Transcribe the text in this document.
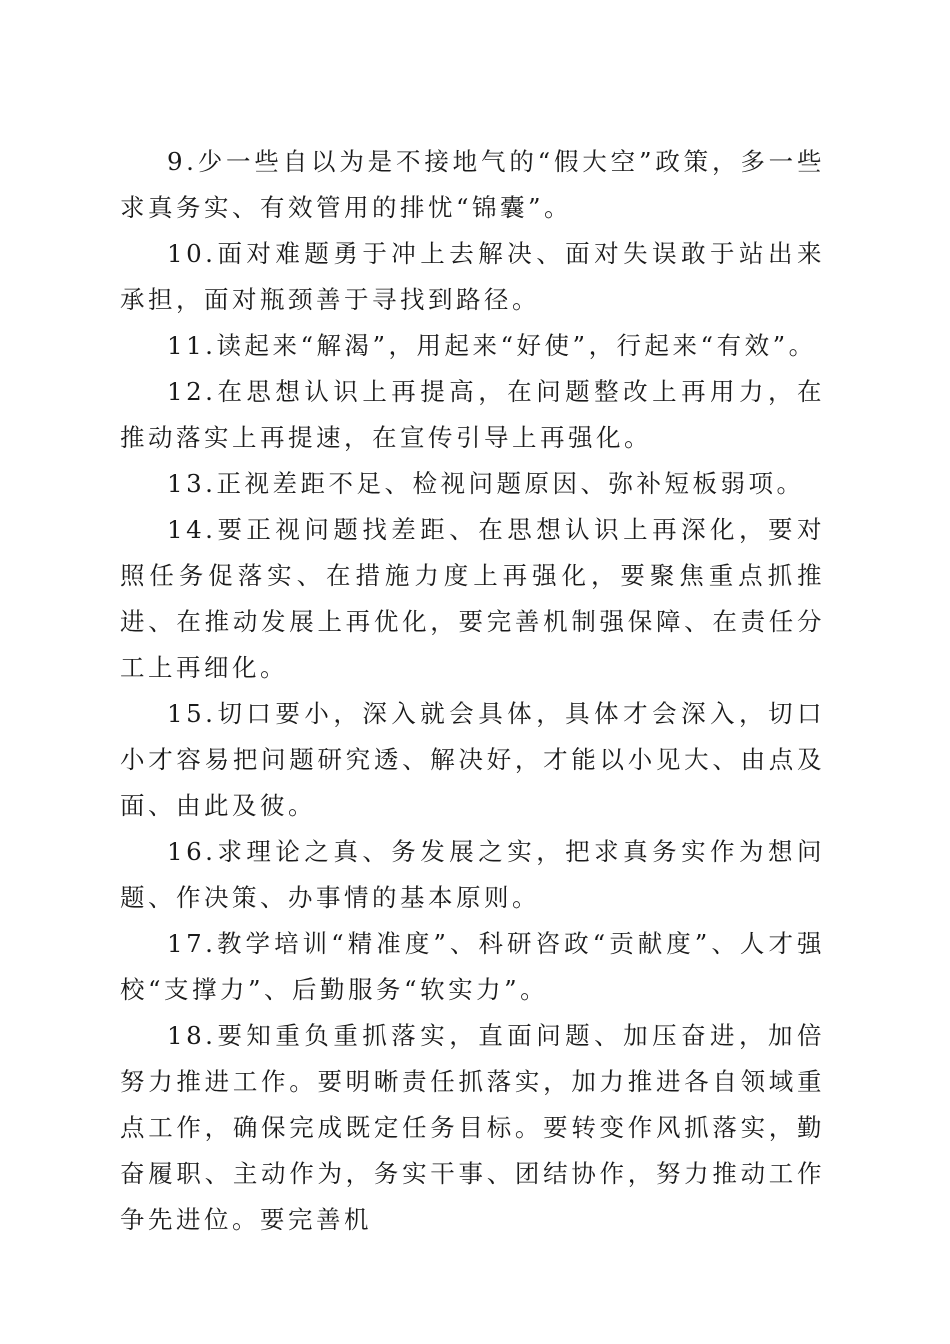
9.少一些自以为是不接地气的“假大空”政策，多一些求真务实、有效管用的排忧“锦囊”。

10.面对难题勇于冲上去解决、面对失误敢于站出来承担，面对瓶颈善于寻找到路径。

11.读起来“解渴”，用起来“好使”，行起来“有效”。

12.在思想认识上再提高，在问题整改上再用力，在推动落实上再提速，在宣传引导上再强化。

13.正视差距不足、检视问题原因、弥补短板弱项。

14.要正视问题找差距、在思想认识上再深化，要对照任务促落实、在措施力度上再强化，要聚焦重点抓推进、在推动发展上再优化，要完善机制强保障、在责任分工上再细化。

15.切口要小，深入就会具体，具体才会深入，切口小才容易把问题研究透、解决好，才能以小见大、由点及面、由此及彼。

16.求理论之真、务发展之实，把求真务实作为想问题、作决策、办事情的基本原则。

17.教学培训“精准度”、科研咨政“贡献度”、人才强校“支撑力”、后勤服务“软实力”。

18.要知重负重抓落实，直面问题、加压奋进，加倍努力推进工作。要明晰责任抓落实，加力推进各自领域重点工作，确保完成既定任务目标。要转变作风抓落实，勤奋履职、主动作为，务实干事、团结协作，努力推动工作争先进位。要完善机
